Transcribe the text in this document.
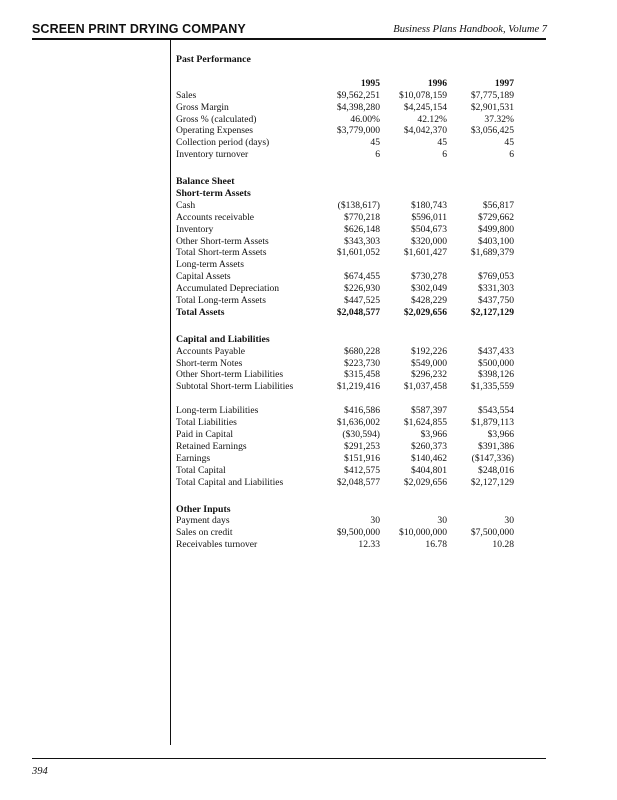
SCREEN PRINT DRYING COMPANY	Business Plans Handbook, Volume 7
Past Performance
1995	1996	1997
Sales	$9,562,251	$10,078,159	$7,775,189
Gross Margin	$4,398,280	$4,245,154	$2,901,531
Gross % (calculated)	46.00%	42.12%	37.32%
Operating Expenses	$3,779,000	$4,042,370	$3,056,425
Collection period (days)	45	45	45
Inventory turnover	6	6	6
Balance Sheet
Short-term Assets
Cash	($138,617)	$180,743	$56,817
Accounts receivable	$770,218	$596,011	$729,662
Inventory	$626,148	$504,673	$499,800
Other Short-term Assets	$343,303	$320,000	$403,100
Total Short-term Assets	$1,601,052	$1,601,427	$1,689,379
Long-term Assets
Capital Assets	$674,455	$730,278	$769,053
Accumulated Depreciation	$226,930	$302,049	$331,303
Total Long-term Assets	$447,525	$428,229	$437,750
Total Assets	$2,048,577	$2,029,656	$2,127,129
Capital and Liabilities
Accounts Payable	$680,228	$192,226	$437,433
Short-term Notes	$223,730	$549,000	$500,000
Other Short-term Liabilities	$315,458	$296,232	$398,126
Subtotal Short-term Liabilities	$1,219,416	$1,037,458	$1,335,559
Long-term Liabilities	$416,586	$587,397	$543,554
Total Liabilities	$1,636,002	$1,624,855	$1,879,113
Paid in Capital	($30,594)	$3,966	$3,966
Retained Earnings	$291,253	$260,373	$391,386
Earnings	$151,916	$140,462	($147,336)
Total Capital	$412,575	$404,801	$248,016
Total Capital and Liabilities	$2,048,577	$2,029,656	$2,127,129
Other Inputs
Payment days	30	30	30
Sales on credit	$9,500,000	$10,000,000	$7,500,000
Receivables turnover	12.33	16.78	10.28
394
